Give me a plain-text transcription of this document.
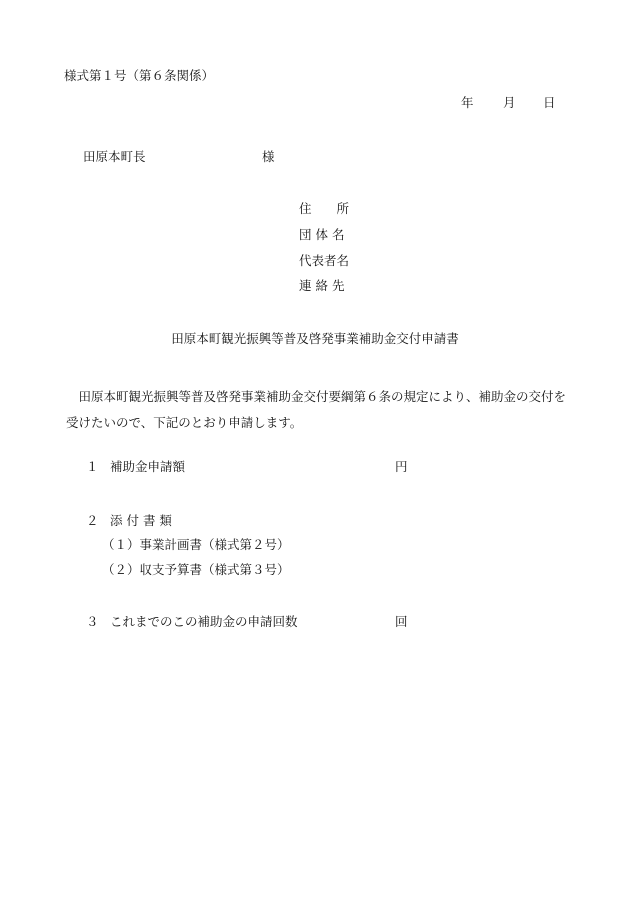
様式第１号（第６条関係）
年 月 日
田原本町長	様
住　　所
団 体 名
代表者名
連 絡 先
田原本町観光振興等普及啓発事業補助金交付申請書
田原本町観光振興等普及啓発事業補助金交付要綱第６条の規定により、補助金の交付を受けたいので、下記のとおり申請します。
１ 補助金申請額	円
２ 添 付 書 類
（１）事業計画書（様式第２号）
（２）収支予算書（様式第３号）
３ これまでのこの補助金の申請回数	回
